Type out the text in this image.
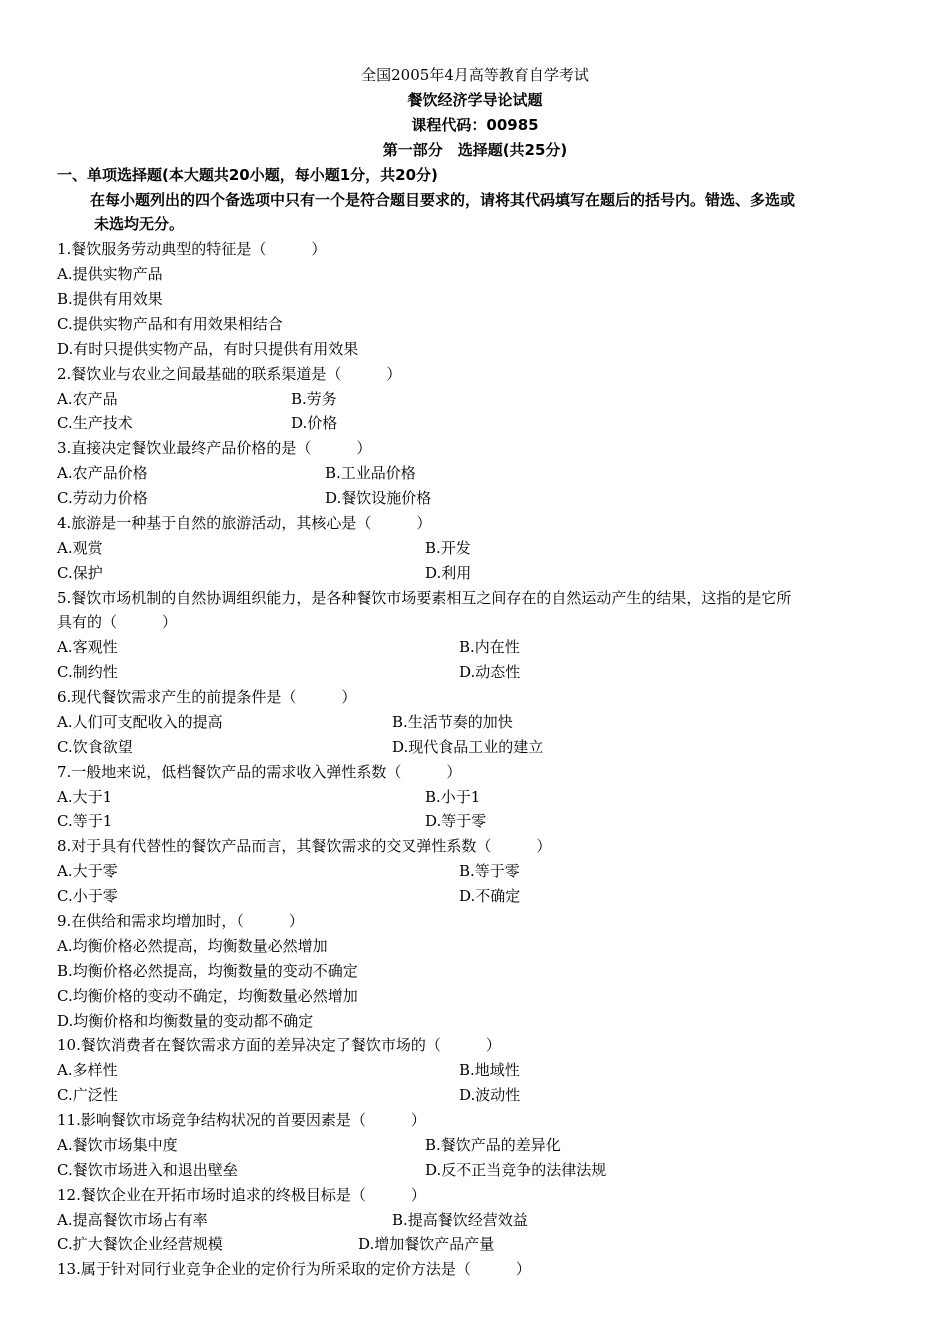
全国2005年4月高等教育自学考试
餐饮经济学导论试题
课程代码：00985
第一部分　选择题(共25分)
一、单项选择题(本大题共20小题，每小题1分，共20分)
在每小题列出的四个备选项中只有一个是符合题目要求的，请将其代码填写在题后的括号内。错选、多选或
未选均无分。
1.餐饮服务劳动典型的特征是（　　　）
A.提供实物产品
B.提供有用效果
C.提供实物产品和有用效果相结合
D.有时只提供实物产品，有时只提供有用效果
2.餐饮业与农业之间最基础的联系渠道是（　　　）
A.农产品	B.劳务
C.生产技术	D.价格
3.直接决定餐饮业最终产品价格的是（　　　）
A.农产品价格	B.工业品价格
C.劳动力价格	D.餐饮设施价格
4.旅游是一种基于自然的旅游活动，其核心是（　　　）
A.观赏	B.开发
C.保护	D.利用
5.餐饮市场机制的自然协调组织能力，是各种餐饮市场要素相互之间存在的自然运动产生的结果，这指的是它所
具有的（　　　）
A.客观性	B.内在性
C.制约性	D.动态性
6.现代餐饮需求产生的前提条件是（　　　）
A.人们可支配收入的提高	B.生活节奏的加快
C.饮食欲望	D.现代食品工业的建立
7.一般地来说，低档餐饮产品的需求收入弹性系数（　　　）
A.大于1	B.小于1
C.等于1	D.等于零
8.对于具有代替性的餐饮产品而言，其餐饮需求的交叉弹性系数（　　　）
A.大于零	B.等于零
C.小于零	D.不确定
9.在供给和需求均增加时，（　　　）
A.均衡价格必然提高，均衡数量必然增加
B.均衡价格必然提高，均衡数量的变动不确定
C.均衡价格的变动不确定，均衡数量必然增加
D.均衡价格和均衡数量的变动都不确定
10.餐饮消费者在餐饮需求方面的差异决定了餐饮市场的（　　　）
A.多样性	B.地域性
C.广泛性	D.波动性
11.影响餐饮市场竞争结构状况的首要因素是（　　　）
A.餐饮市场集中度	B.餐饮产品的差异化
C.餐饮市场进入和退出壁垒	D.反不正当竞争的法律法规
12.餐饮企业在开拓市场时追求的终极目标是（　　　）
A.提高餐饮市场占有率	B.提高餐饮经营效益
C.扩大餐饮企业经营规模	D.增加餐饮产品产量
13.属于针对同行业竞争企业的定价行为所采取的定价方法是（　　　）
